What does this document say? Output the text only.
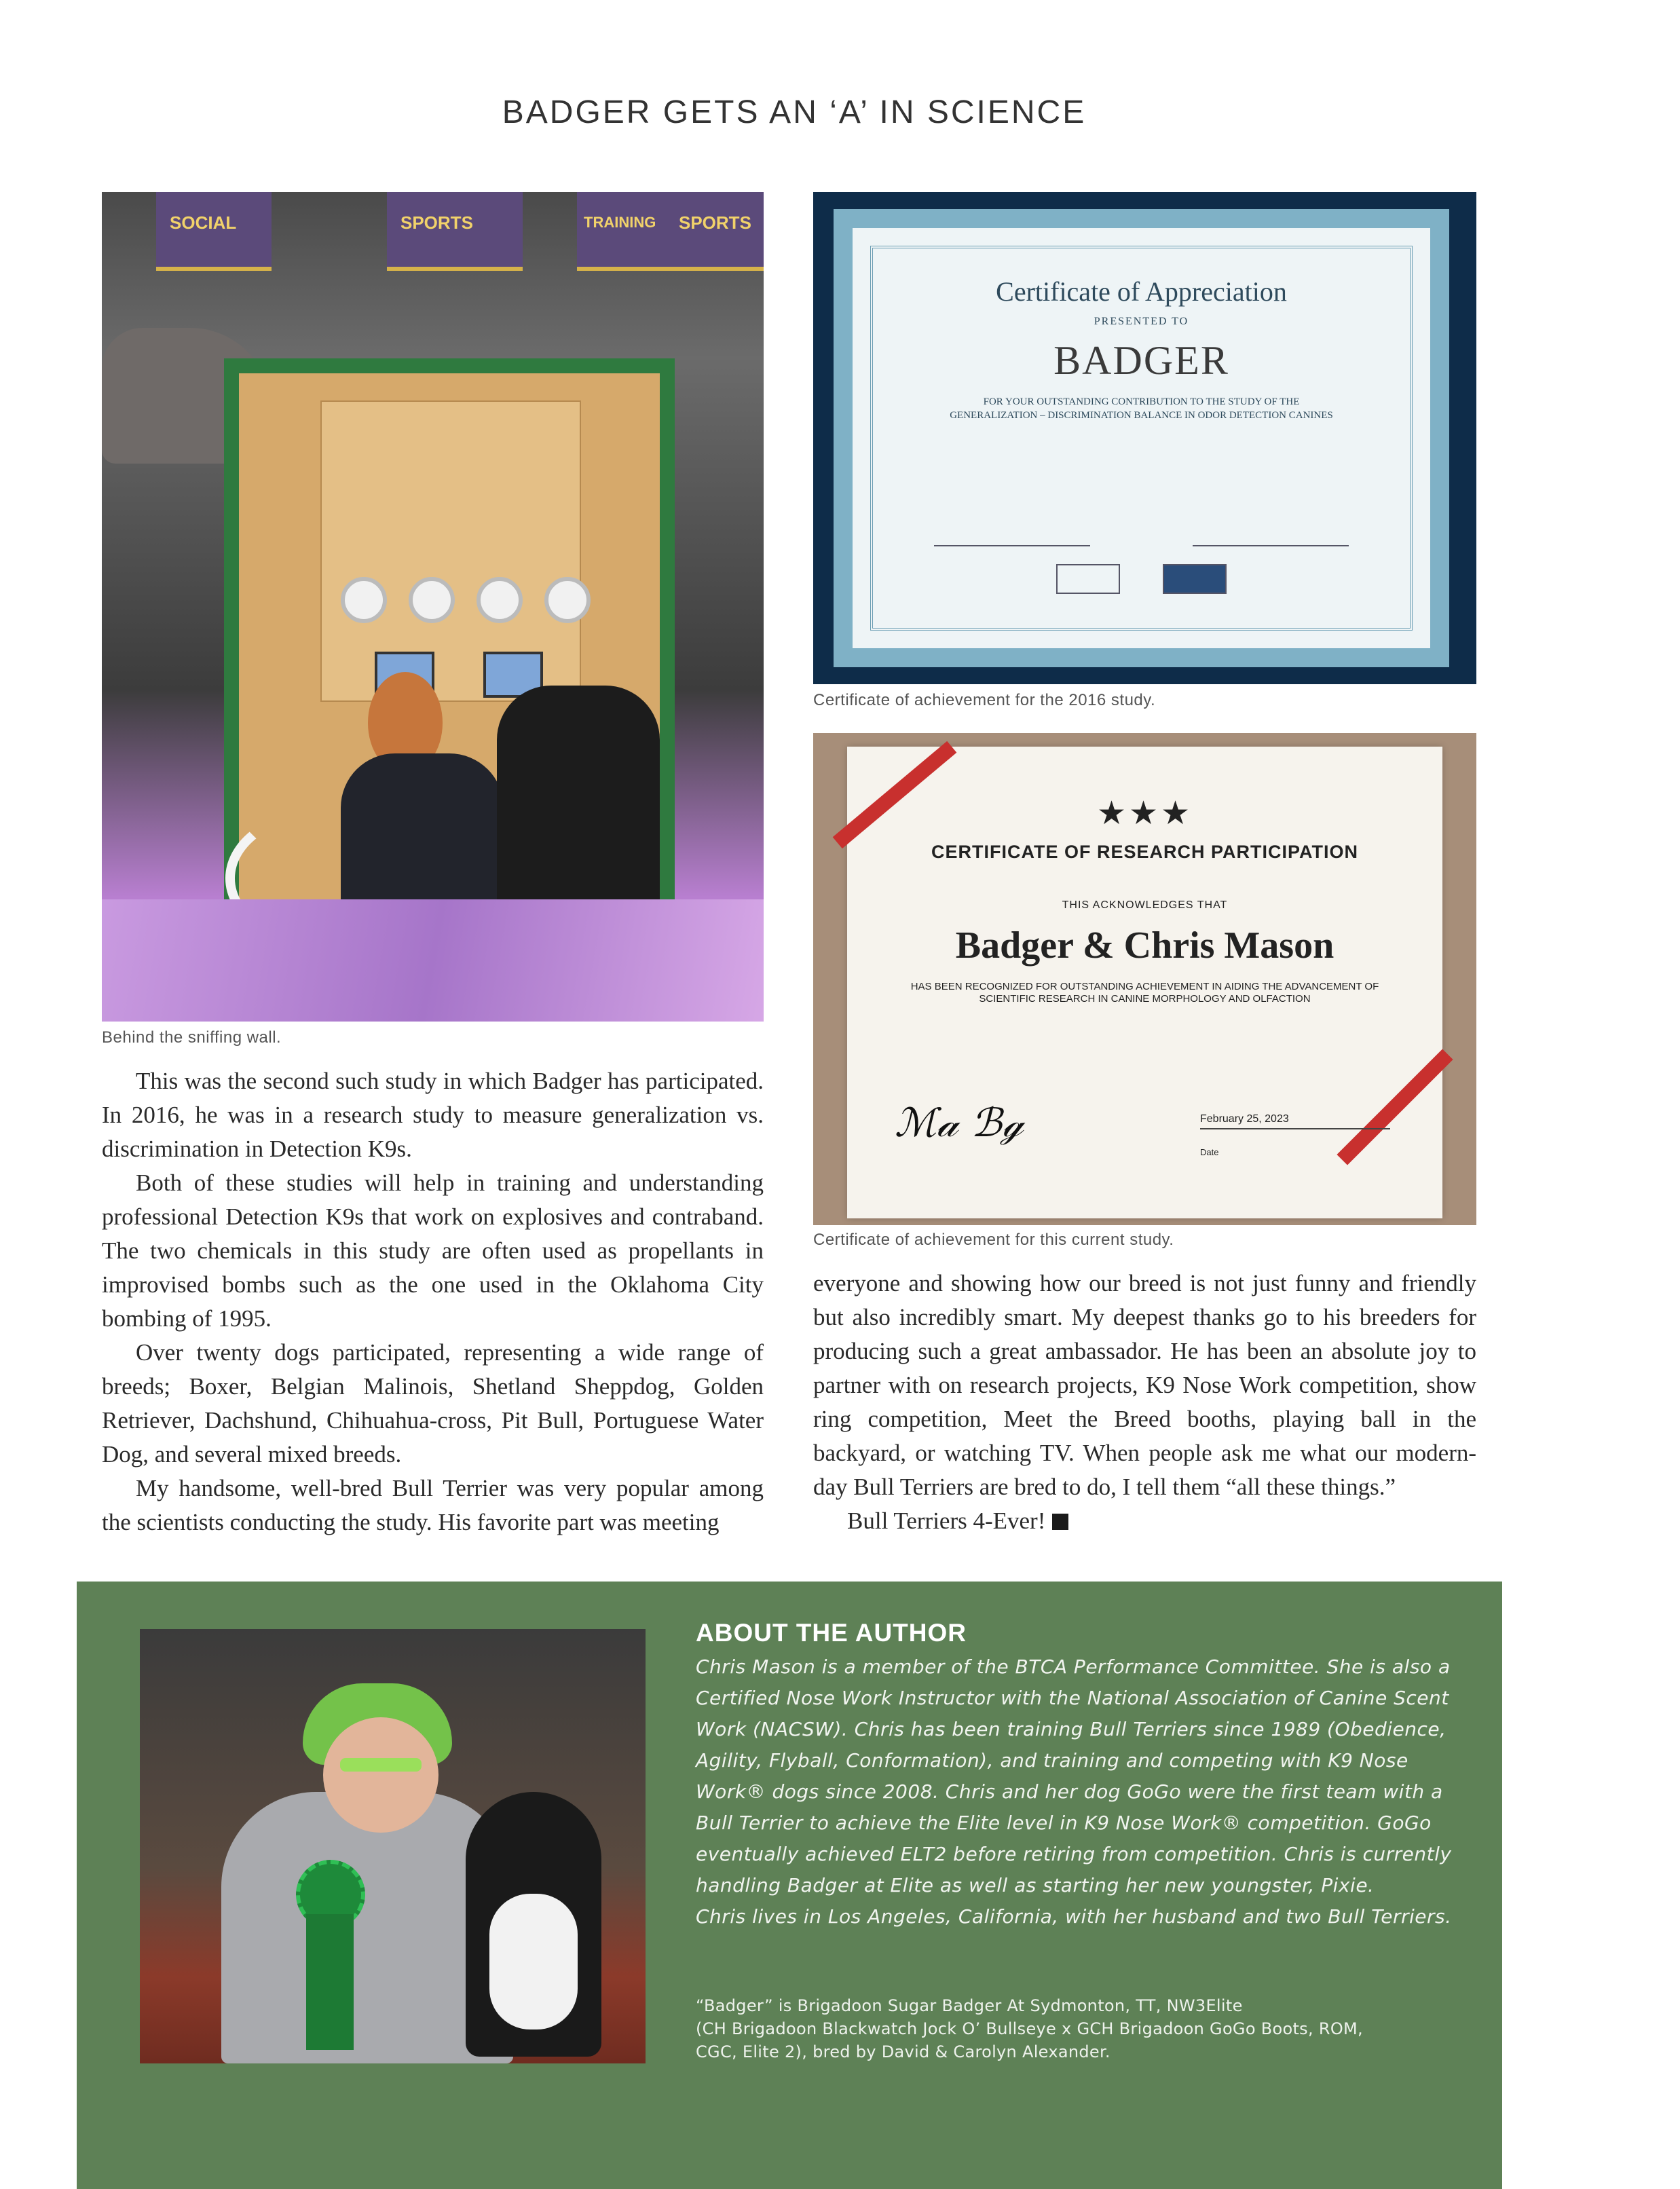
BADGER GETS AN ‘A’ IN SCIENCE
SOCIAL	SPORTS	TRAINING SPORTS
Behind the sniffing wall.
Certificate of Appreciation
PRESENTED TO
BADGER
FOR YOUR OUTSTANDING CONTRIBUTION TO THE STUDY OF THE GENERALIZATION – DISCRIMINATION BALANCE IN ODOR DETECTION CANINES
Certificate of achievement for the 2016 study.
★★★
CERTIFICATE OF RESEARCH PARTICIPATION
THIS ACKNOWLEDGES THAT
Badger & Chris Mason
HAS BEEN RECOGNIZED FOR OUTSTANDING ACHIEVEMENT IN AIDING THE ADVANCEMENT OF SCIENTIFIC RESEARCH IN CANINE MORPHOLOGY AND OLFACTION
ℳ𝒶 ℬℊ	February 25, 2023
Date
Certificate of achievement for this current study.

This was the second such study in which Badger has participated. In 2016, he was in a research study to measure generalization vs. discrimination in Detection K9s.

Both of these studies will help in training and understanding professional Detection K9s that work on explosives and contraband. The two chemicals in this study are often used as propellants in improvised bombs such as the one used in the Oklahoma City bombing of 1995.

Over twenty dogs participated, representing a wide range of breeds; Boxer, Belgian Malinois, Shetland Sheppdog, Golden Retriever, Dachshund, Chihuahua-cross, Pit Bull, Portuguese Water Dog, and several mixed breeds.

My handsome, well-bred Bull Terrier was very popular among the scientists conducting the study. His favorite part was meeting

everyone and showing how our breed is not just funny and friendly but also incredibly smart. My deepest thanks go to his breeders for producing such a great ambassador. He has been an absolute joy to partner with on research projects, K9 Nose Work competition, show ring competition, Meet the Breed booths, playing ball in the backyard, or watching TV. When people ask me what our modern-day Bull Terriers are bred to do, I tell them “all these things.”

Bull Terriers 4-Ever!

ABOUT THE AUTHOR
Chris Mason is a member of the BTCA Performance Committee. She is also a
Certified Nose Work Instructor with the National Association of Canine Scent
Work (NACSW). Chris has been training Bull Terriers since 1989 (Obedience,
Agility, Flyball, Conformation), and training and competing with K9 Nose
Work® dogs since 2008. Chris and her dog GoGo were the first team with a
Bull Terrier to achieve the Elite level in K9 Nose Work® competition. GoGo
eventually achieved ELT2 before retiring from competition. Chris is currently
handling Badger at Elite as well as starting her new youngster, Pixie.
Chris lives in Los Angeles, California, with her husband and two Bull Terriers.
“Badger” is Brigadoon Sugar Badger At Sydmonton, TT, NW3Elite
(CH Brigadoon Blackwatch Jock O’ Bullseye x GCH Brigadoon GoGo Boots, ROM,
CGC, Elite 2), bred by David & Carolyn Alexander.
